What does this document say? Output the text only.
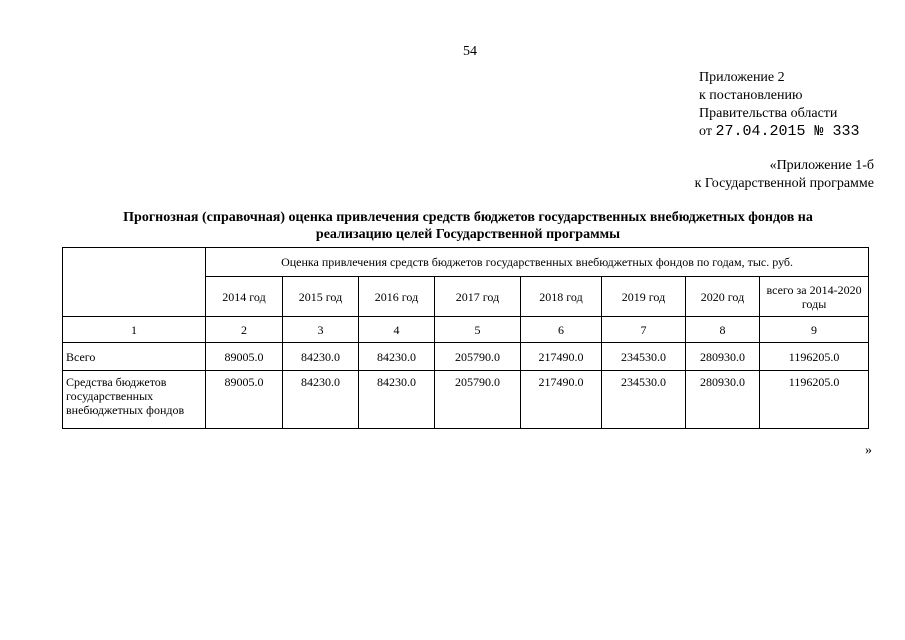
54
Приложение 2
к постановлению
Правительства области
от 27.04.2015 № 333
«Приложение 1-б
к Государственной программе
Прогнозная (справочная) оценка привлечения средств бюджетов государственных внебюджетных фондов на
реализацию целей Государственной программы
	Оценка привлечения средств бюджетов государственных внебюджетных фондов по годам, тыс. руб.							
	2014 год	2015 год	2016 год	2017 год	2018 год	2019 год	2020 год	всего за 2014-2020 годы
1	2	3	4	5	6	7	8	9
Всего	89005.0	84230.0	84230.0	205790.0	217490.0	234530.0	280930.0	1196205.0
Средства бюджетов государственных внебюджетных фондов	89005.0	84230.0	84230.0	205790.0	217490.0	234530.0	280930.0	1196205.0
»
